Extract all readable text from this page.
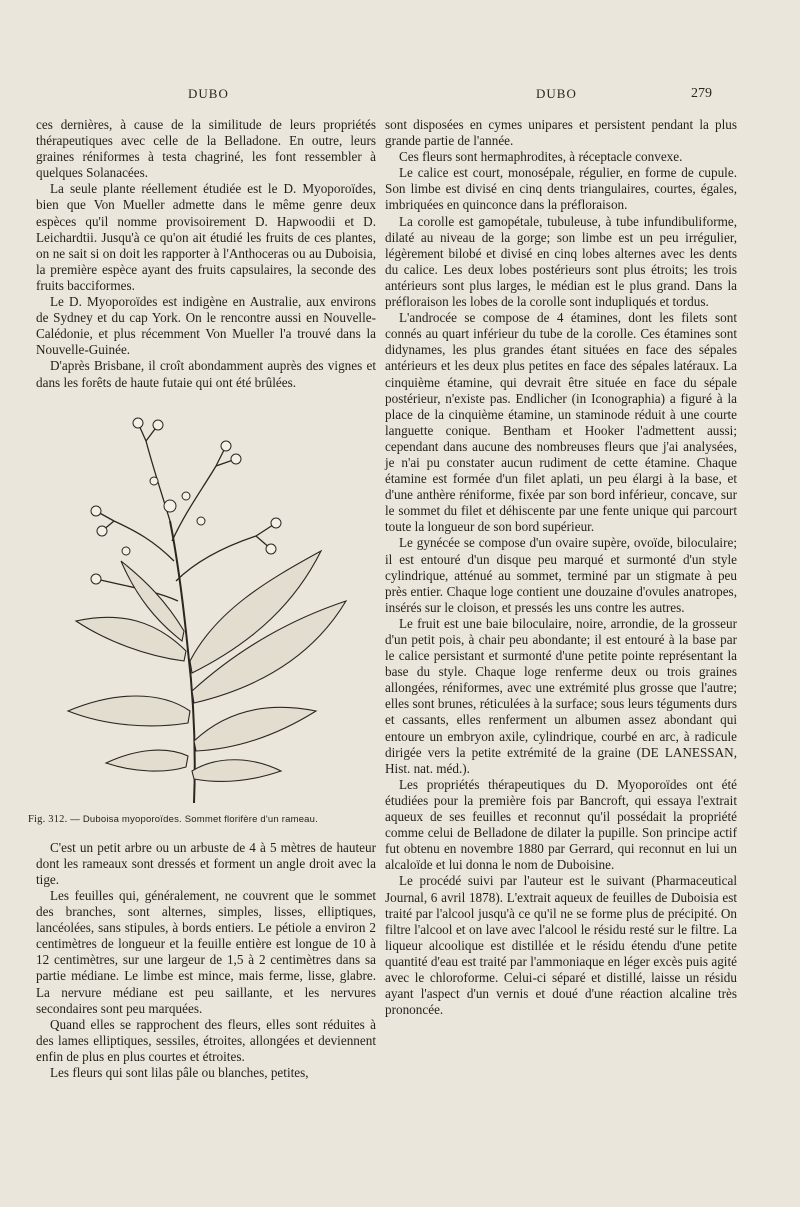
DUBO	DUBO	279

ces dernières, à cause de la similitude de leurs propriétés thérapeutiques avec celle de la Belladone. En outre, leurs graines réniformes à testa chagriné, les font ressembler à quelques Solanacées.

La seule plante réellement étudiée est le D. Myoporoïdes, bien que Von Mueller admette dans le même genre deux espèces qu'il nomme provisoirement D. Hapwoodii et D. Leichardtii. Jusqu'à ce qu'on ait étudié les fruits de ces plantes, on ne sait si on doit les rapporter à l'Anthoceras ou au Duboisia, la première espèce ayant des fruits capsulaires, la seconde des fruits bacciformes.

Le D. Myoporoïdes est indigène en Australie, aux environs de Sydney et du cap York. On le rencontre aussi en Nouvelle-Calédonie, et plus récemment Von Mueller l'a trouvé dans la Nouvelle-Guinée.

D'après Brisbane, il croît abondamment auprès des vignes et dans les forêts de haute futaie qui ont été brûlées.

Fig. 312. — Duboisa myoporoïdes. Sommet florifère d'un rameau.

C'est un petit arbre ou un arbuste de 4 à 5 mètres de hauteur dont les rameaux sont dressés et forment un angle droit avec la tige.

Les feuilles qui, généralement, ne couvrent que le sommet des branches, sont alternes, simples, lisses, elliptiques, lancéolées, sans stipules, à bords entiers. Le pétiole a environ 2 centimètres de longueur et la feuille entière est longue de 10 à 12 centimètres, sur une largeur de 1,5 à 2 centimètres dans sa partie médiane. Le limbe est mince, mais ferme, lisse, glabre. La nervure médiane est peu saillante, et les nervures secondaires sont peu marquées.

Quand elles se rapprochent des fleurs, elles sont réduites à des lames elliptiques, sessiles, étroites, allongées et deviennent enfin de plus en plus courtes et étroites.

Les fleurs qui sont lilas pâle ou blanches, petites,

sont disposées en cymes unipares et persistent pendant la plus grande partie de l'année.

Ces fleurs sont hermaphrodites, à réceptacle convexe.

Le calice est court, monosépale, régulier, en forme de cupule. Son limbe est divisé en cinq dents triangulaires, courtes, égales, imbriquées en quinconce dans la préfloraison.

La corolle est gamopétale, tubuleuse, à tube infundibuliforme, dilaté au niveau de la gorge; son limbe est un peu irrégulier, légèrement bilobé et divisé en cinq lobes alternes avec les dents du calice. Les deux lobes postérieurs sont plus étroits; les trois antérieurs sont plus larges, le médian est le plus grand. Dans la préfloraison les lobes de la corolle sont indupliqués et tordus.

L'androcée se compose de 4 étamines, dont les filets sont connés au quart inférieur du tube de la corolle. Ces étamines sont didynames, les plus grandes étant situées en face des sépales antérieurs et les deux plus petites en face des sépales latéraux. La cinquième étamine, qui devrait être située en face du sépale postérieur, n'existe pas. Endlicher (in Iconographia) a figuré à la place de la cinquième étamine, un staminode réduit à une courte languette conique. Bentham et Hooker l'admettent aussi; cependant dans aucune des nombreuses fleurs que j'ai analysées, je n'ai pu constater aucun rudiment de cette étamine. Chaque étamine est formée d'un filet aplati, un peu élargi à la base, et d'une anthère réniforme, fixée par son bord inférieur, concave, sur le sommet du filet et déhiscente par une fente unique qui parcourt toute la longueur de son bord supérieur.

Le gynécée se compose d'un ovaire supère, ovoïde, biloculaire; il est entouré d'un disque peu marqué et surmonté d'un style cylindrique, atténué au sommet, terminé par un stigmate à peu près entier. Chaque loge contient une douzaine d'ovules anatropes, insérés sur le cloison, et pressés les uns contre les autres.

Le fruit est une baie biloculaire, noire, arrondie, de la grosseur d'un petit pois, à chair peu abondante; il est entouré à la base par le calice persistant et surmonté d'une petite pointe représentant la base du style. Chaque loge renferme deux ou trois graines allongées, réniformes, avec une extrémité plus grosse que l'autre; elles sont brunes, réticulées à la surface; sous leurs téguments durs et cassants, elles renferment un albumen assez abondant qui entoure un embryon axile, cylindrique, courbé en arc, à radicule dirigée vers la petite extrémité de la graine (DE LANESSAN, Hist. nat. méd.).

Les propriétés thérapeutiques du D. Myoporoïdes ont été étudiées pour la première fois par Bancroft, qui essaya l'extrait aqueux de ses feuilles et reconnut qu'il possédait la propriété comme celui de Belladone de dilater la pupille. Son principe actif fut obtenu en novembre 1880 par Gerrard, qui reconnut en lui un alcaloïde et lui donna le nom de Duboisine.

Le procédé suivi par l'auteur est le suivant (Pharmaceutical Journal, 6 avril 1878). L'extrait aqueux de feuilles de Duboisia est traité par l'alcool jusqu'à ce qu'il ne se forme plus de précipité. On filtre l'alcool et on lave avec l'alcool le résidu resté sur le filtre. La liqueur alcoolique est distillée et le résidu étendu d'une petite quantité d'eau est traité par l'ammoniaque en léger excès puis agité avec le chloroforme. Celui-ci séparé et distillé, laisse un résidu ayant l'aspect d'un vernis et doué d'une réaction alcaline très prononcée.
